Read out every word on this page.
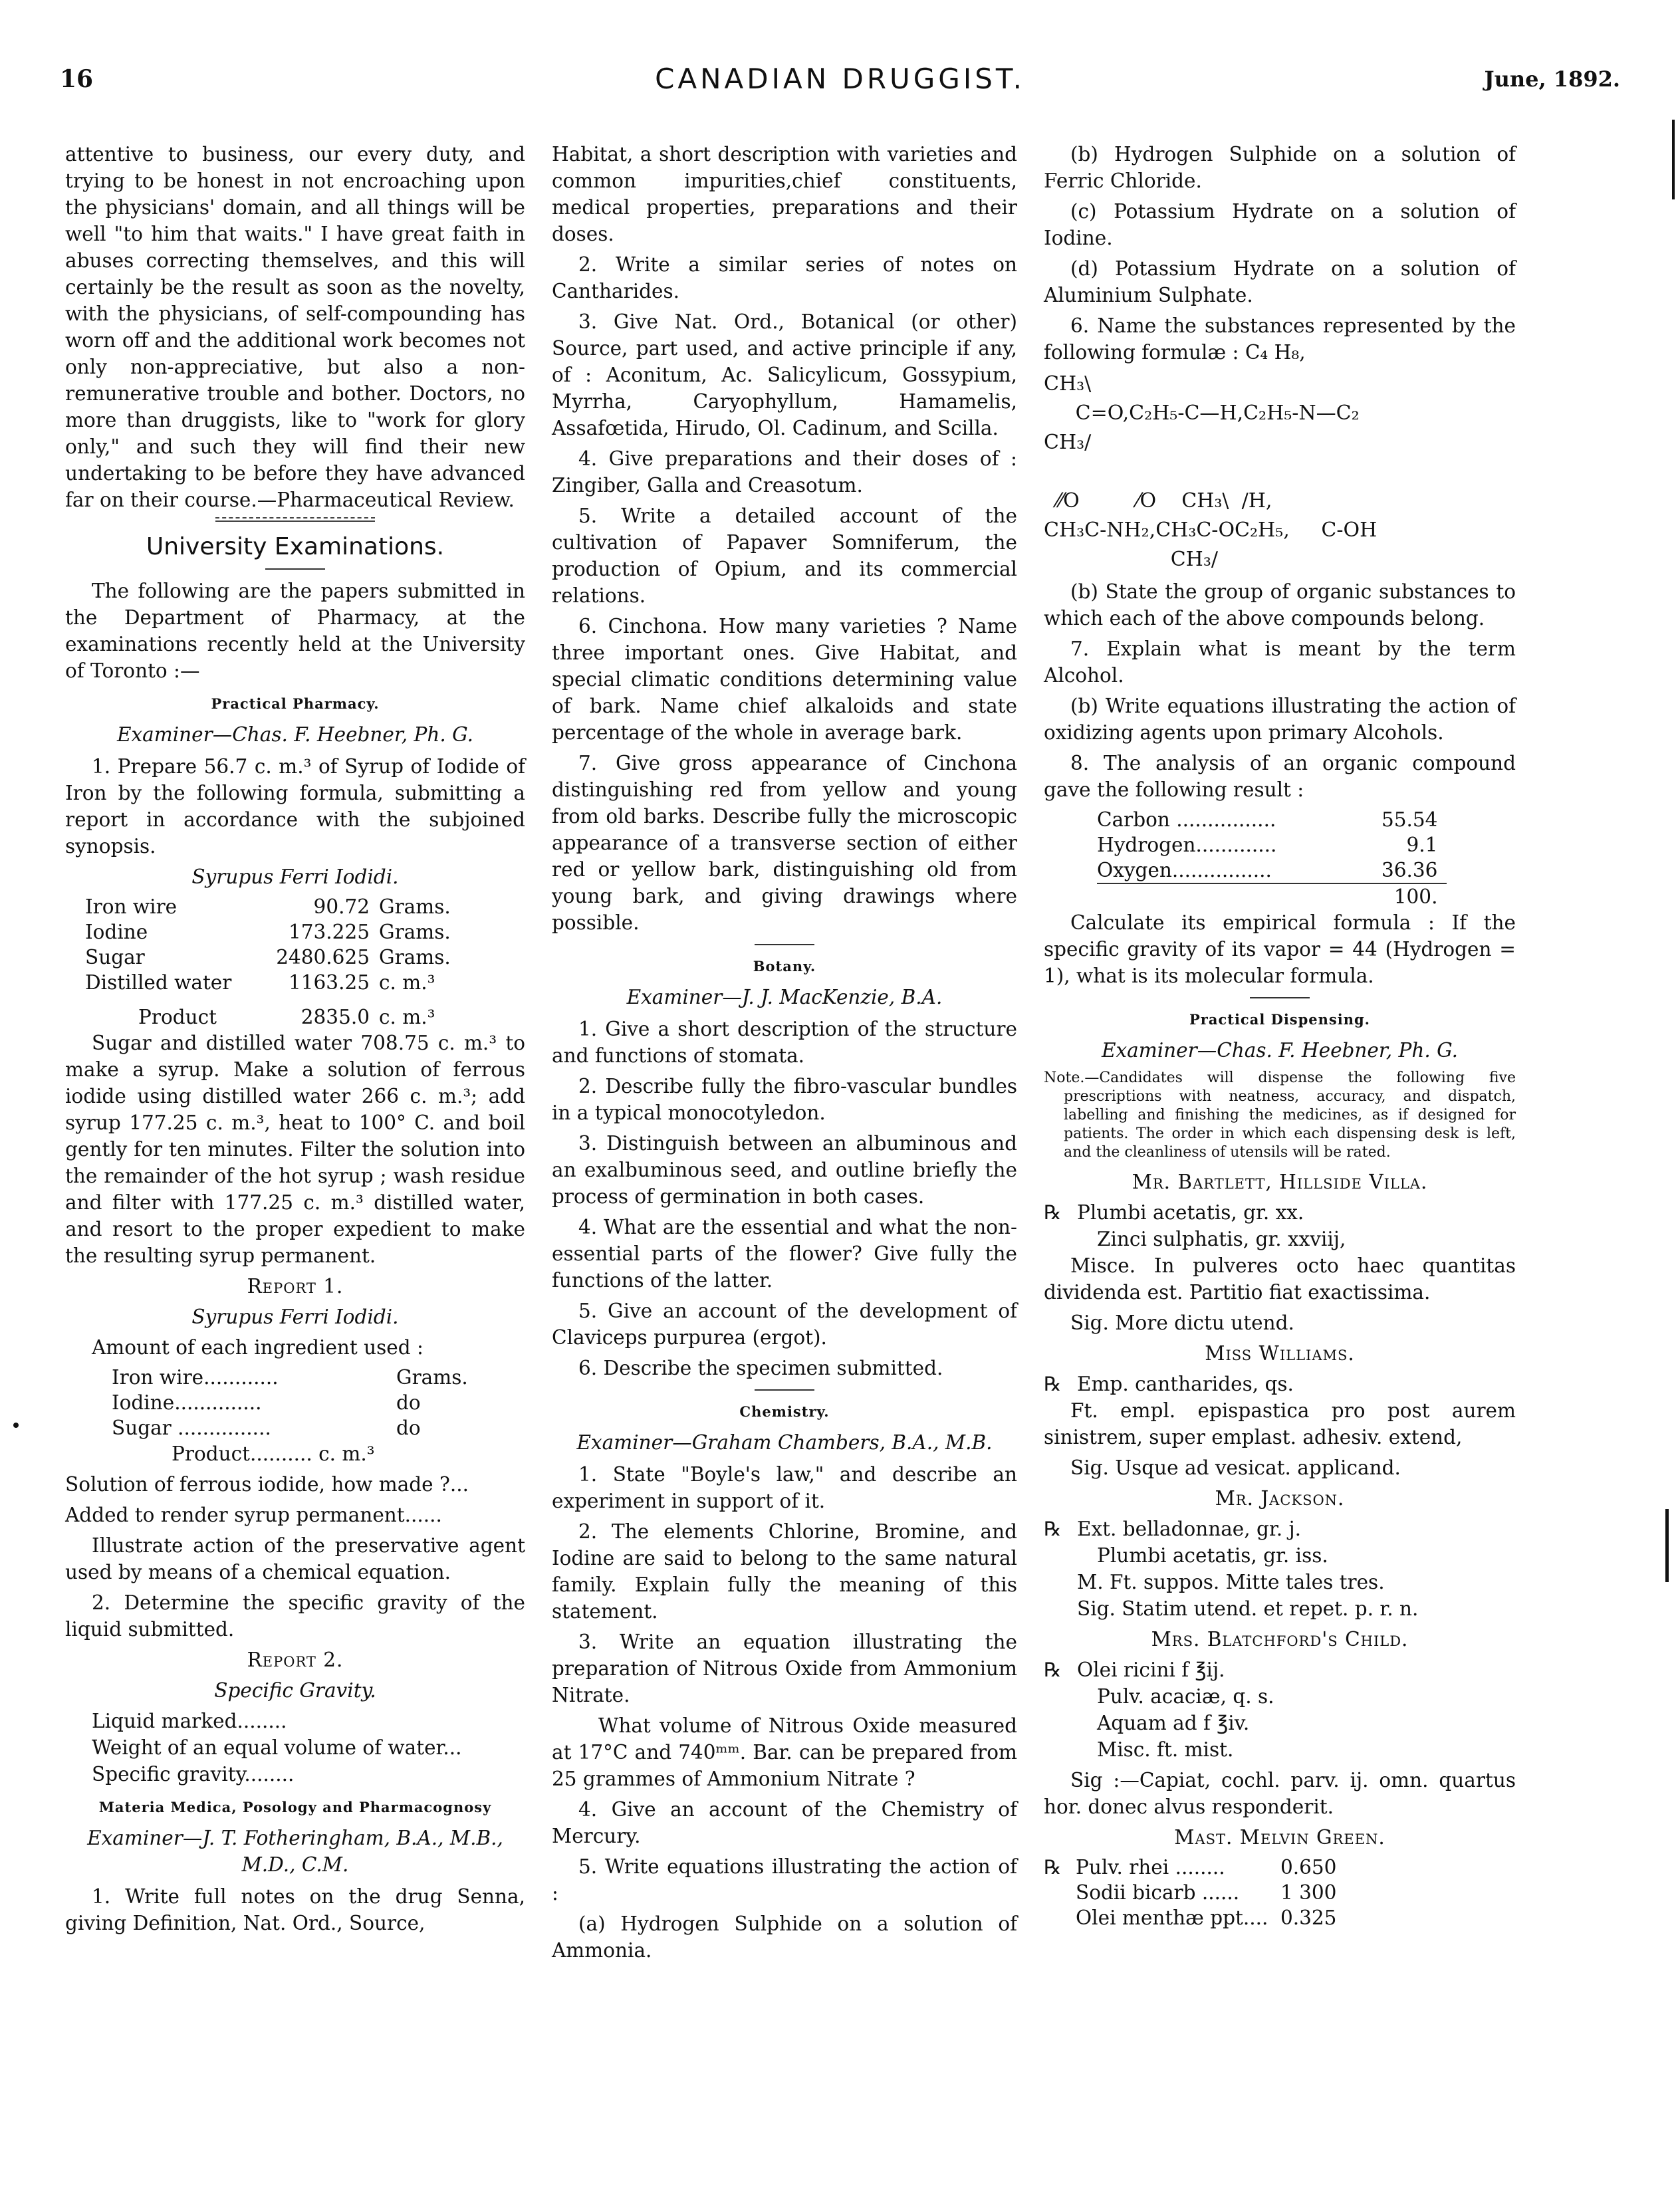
16	CANADIAN DRUGGIST.	June, 1892.

attentive to business, our every duty, and trying to be honest in not encroaching upon the physicians' domain, and all things will be well "to him that waits." I have great faith in abuses correcting themselves, and this will certainly be the result as soon as the novelty, with the physicians, of self-compounding has worn off and the additional work becomes not only non-appreciative, but also a non-remunerative trouble and bother. Doctors, no more than druggists, like to "work for glory only," and such they will find their new undertaking to be before they have advanced far on their course.—Pharmaceutical Review.

University Examinations.

The following are the papers submitted in the Department of Pharmacy, at the examinations recently held at the University of Toronto :—

Practical Pharmacy.
Examiner—Chas. F. Heebner, Ph. G.

1. Prepare 56.7 c. m.³ of Syrup of Iodide of Iron by the following formula, submitting a report in accordance with the subjoined synopsis.

Syrupus Ferri Iodidi.

Iron wire	90.72	Grams.
Iodine	173.225	Grams.
Sugar	2480.625	Grams.
Distilled water	1163.25	c. m.³
Product	2835.0	c. m.³

Sugar and distilled water 708.75 c. m.³ to make a syrup. Make a solution of ferrous iodide using distilled water 266 c. m.³; add syrup 177.25 c. m.³, heat to 100° C. and boil gently for ten minutes. Filter the solution into the remainder of the hot syrup ; wash residue and filter with 177.25 c. m.³ distilled water, and resort to the proper expedient to make the resulting syrup permanent.

Report 1.

Syrupus Ferri Iodidi.

Amount of each ingredient used :

Iron wire............	Grams.
Iodine..............	do
Sugar ...............	do

Product.......... c. m.³

Solution of ferrous iodide, how made ?...

Added to render syrup permanent......

Illustrate action of the preservative agent used by means of a chemical equation.

2. Determine the specific gravity of the liquid submitted.

Report 2.

Specific Gravity.

Liquid marked........

Weight of an equal volume of water...

Specific gravity........

Materia Medica, Posology and Pharmacognosy
Examiner—J. T. Fotheringham, B.A., M.B., M.D., C.M.

1. Write full notes on the drug Senna, giving Definition, Nat. Ord., Source,

Habitat, a short description with varieties and common impurities,chief constituents, medical properties, preparations and their doses.

2. Write a similar series of notes on Cantharides.

3. Give Nat. Ord., Botanical (or other) Source, part used, and active principle if any, of : Aconitum, Ac. Salicylicum, Gossypium, Myrrha, Caryophyllum, Hamamelis, Assafœtida, Hirudo, Ol. Cadinum, and Scilla.

4. Give preparations and their doses of : Zingiber, Galla and Creasotum.

5. Write a detailed account of the cultivation of Papaver Somniferum, the production of Opium, and its commercial relations.

6. Cinchona. How many varieties ? Name three important ones. Give Habitat, and special climatic conditions determining value of bark. Name chief alkaloids and state percentage of the whole in average bark.

7. Give gross appearance of Cinchona distinguishing red from yellow and young from old barks. Describe fully the microscopic appearance of a transverse section of either red or yellow bark, distinguishing old from young bark, and giving drawings where possible.

Botany.
Examiner—J. J. MacKenzie, B.A.

1. Give a short description of the structure and functions of stomata.

2. Describe fully the fibro-vascular bundles in a typical monocotyledon.

3. Distinguish between an albuminous and an exalbuminous seed, and outline briefly the process of germination in both cases.

4. What are the essential and what the non-essential parts of the flower? Give fully the functions of the latter.

5. Give an account of the development of Claviceps purpurea (ergot).

6. Describe the specimen submitted.

Chemistry.
Examiner—Graham Chambers, B.A., M.B.

1. State "Boyle's law," and describe an experiment in support of it.

2. The elements Chlorine, Bromine, and Iodine are said to belong to the same natural family. Explain fully the meaning of this statement.

3. Write an equation illustrating the preparation of Nitrous Oxide from Ammonium Nitrate.

What volume of Nitrous Oxide measured at 17°C and 740ᵐᵐ. Bar. can be prepared from 25 grammes of Ammonium Nitrate ?

4. Give an account of the Chemistry of Mercury.

5. Write equations illustrating the action of :

(a) Hydrogen Sulphide on a solution of Ammonia.

(b) Hydrogen Sulphide on a solution of Ferric Chloride.

(c) Potassium Hydrate on a solution of Iodine.

(d) Potassium Hydrate on a solution of Aluminium Sulphate.

6. Name the substances represented by the following formulæ : C₄ H₈,

CH₃\
C=O,C₂H₅-C—H,C₂H₅-N—C₂
CH₃/

⁄⁄O         ⁄O    CH₃\  /H,
CH₃C-NH₂,CH₃C-OC₂H₅,     C-OH
CH₃/

(b) State the group of organic substances to which each of the above compounds belong.

7. Explain what is meant by the term Alcohol.

(b) Write equations illustrating the action of oxidizing agents upon primary Alcohols.

8. The analysis of an organic compound gave the following result :

Carbon ................	55.54
Hydrogen.............	9.1
Oxygen................	36.36
	100.

Calculate its empirical formula : If the specific gravity of its vapor = 44 (Hydrogen = 1), what is its molecular formula.

Practical Dispensing.
Examiner—Chas. F. Heebner, Ph. G.
Note.—Candidates will dispense the following five prescriptions with neatness, accuracy, and dispatch, labelling and finishing the medicines, as if designed for patients. The order in which each dispensing desk is left, and the cleanliness of utensils will be rated.

Mr. Bartlett, Hillside Villa.

℞ Plumbi acetatis, gr. xx.
Zinci sulphatis, gr. xxviij,

Misce. In pulveres octo haec quantitas dividenda est. Partitio fiat exactissima.

Sig. More dictu utend.

Miss Williams.

℞ Emp. cantharides, qs.

Ft. empl. epispastica pro post aurem sinistrem, super emplast. adhesiv. extend,

Sig. Usque ad vesicat. applicand.

Mr. Jackson.

℞ Ext. belladonnae, gr. j.
Plumbi acetatis, gr. iss.
M. Ft. suppos. Mitte tales tres.
Sig. Statim utend. et repet. p. r. n.

Mrs. Blatchford's Child.

℞ Olei ricini f ℥ij.
Pulv. acaciæ, q. s.
Aquam ad f ℥iv.
Misc. ft. mist.

Sig :—Capiat, cochl. parv. ij. omn. quartus hor. donec alvus responderit.

Mast. Melvin Green.

℞	Pulv. rhei ........	0.650
	Sodii bicarb ......	1 300
	Olei menthæ ppt....	0.325
